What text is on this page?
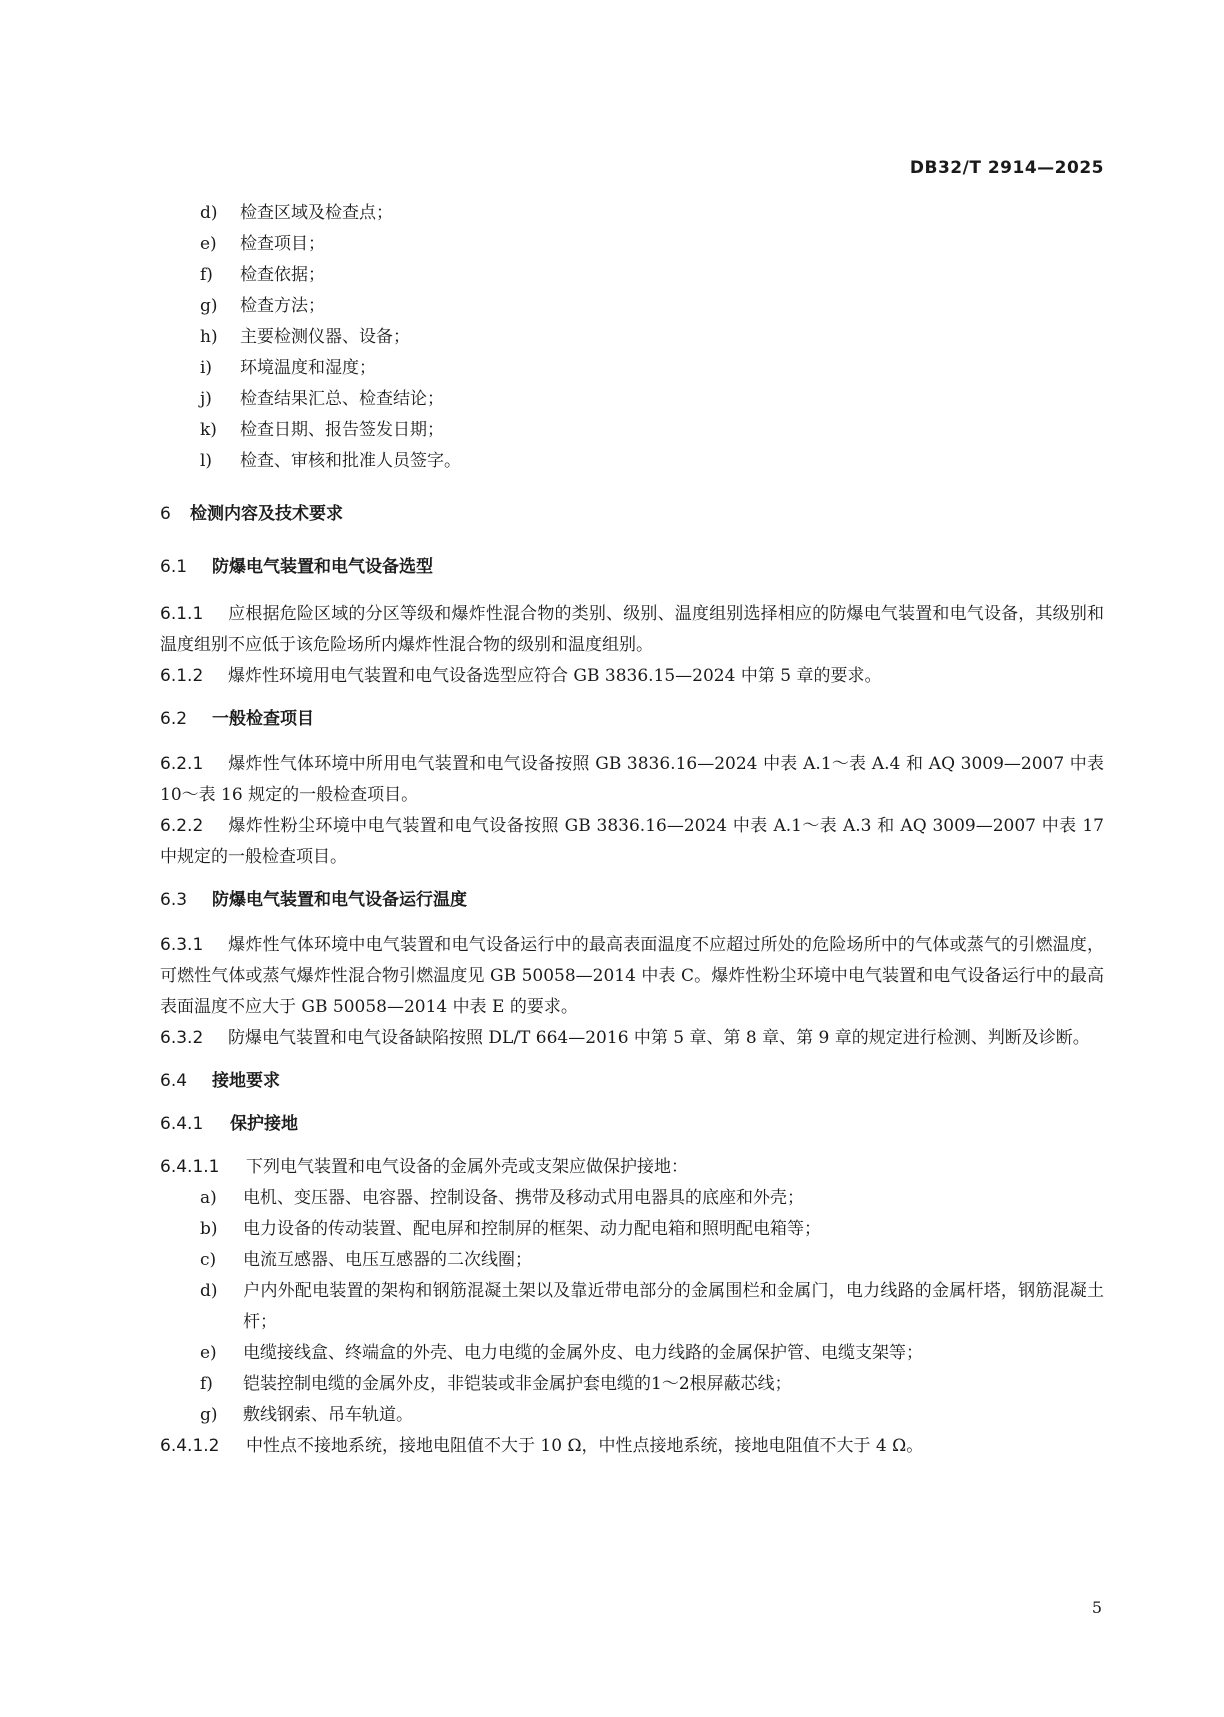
DB32/T 2914—2025
d) 检查区域及检查点；
e) 检查项目；
f) 检查依据；
g) 检查方法；
h) 主要检测仪器、设备；
i) 环境温度和湿度；
j) 检查结果汇总、检查结论；
k) 检查日期、报告签发日期；
l) 检查、审核和批准人员签字。
6 检测内容及技术要求
6.1 防爆电气装置和电气设备选型
6.1.1 应根据危险区域的分区等级和爆炸性混合物的类别、级别、温度组别选择相应的防爆电气装置和电气设备，其级别和温度组别不应低于该危险场所内爆炸性混合物的级别和温度组别。
6.1.2 爆炸性环境用电气装置和电气设备选型应符合 GB 3836.15—2024 中第 5 章的要求。
6.2 一般检查项目
6.2.1 爆炸性气体环境中所用电气装置和电气设备按照 GB 3836.16—2024 中表 A.1～表 A.4 和 AQ 3009—2007 中表 10～表 16 规定的一般检查项目。
6.2.2 爆炸性粉尘环境中电气装置和电气设备按照 GB 3836.16—2024 中表 A.1～表 A.3 和 AQ 3009—2007 中表 17 中规定的一般检查项目。
6.3 防爆电气装置和电气设备运行温度
6.3.1 爆炸性气体环境中电气装置和电气设备运行中的最高表面温度不应超过所处的危险场所中的气体或蒸气的引燃温度，可燃性气体或蒸气爆炸性混合物引燃温度见 GB 50058—2014 中表 C。爆炸性粉尘环境中电气装置和电气设备运行中的最高表面温度不应大于 GB 50058—2014 中表 E 的要求。
6.3.2 防爆电气装置和电气设备缺陷按照 DL/T 664—2016 中第 5 章、第 8 章、第 9 章的规定进行检测、判断及诊断。
6.4 接地要求
6.4.1 保护接地
6.4.1.1 下列电气装置和电气设备的金属外壳或支架应做保护接地：
a) 电机、变压器、电容器、控制设备、携带及移动式用电器具的底座和外壳；
b) 电力设备的传动装置、配电屏和控制屏的框架、动力配电箱和照明配电箱等；
c) 电流互感器、电压互感器的二次线圈；
d) 户内外配电装置的架构和钢筋混凝土架以及靠近带电部分的金属围栏和金属门，电力线路的金属杆塔，钢筋混凝土杆；
e) 电缆接线盒、终端盒的外壳、电力电缆的金属外皮、电力线路的金属保护管、电缆支架等；
f) 铠装控制电缆的金属外皮，非铠装或非金属护套电缆的1～2根屏蔽芯线；
g) 敷线钢索、吊车轨道。
6.4.1.2 中性点不接地系统，接地电阻值不大于 10 Ω，中性点接地系统，接地电阻值不大于 4 Ω。
5
